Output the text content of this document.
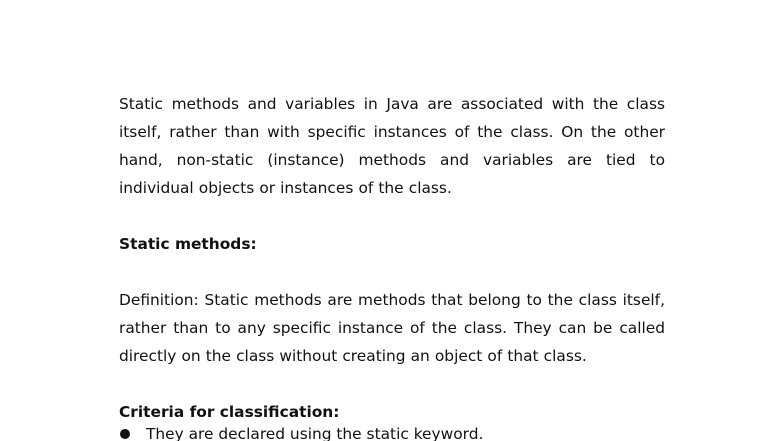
Static methods and variables in Java are associated with the class itself, rather than with specific instances of the class. On the other hand, non-static (instance) methods and variables are tied to individual objects or instances of the class.

Static methods:

Definition: Static methods are methods that belong to the class itself, rather than to any specific instance of the class. They can be called directly on the class without creating an object of that class.

Criteria for classification:

They are declared using the static keyword.
